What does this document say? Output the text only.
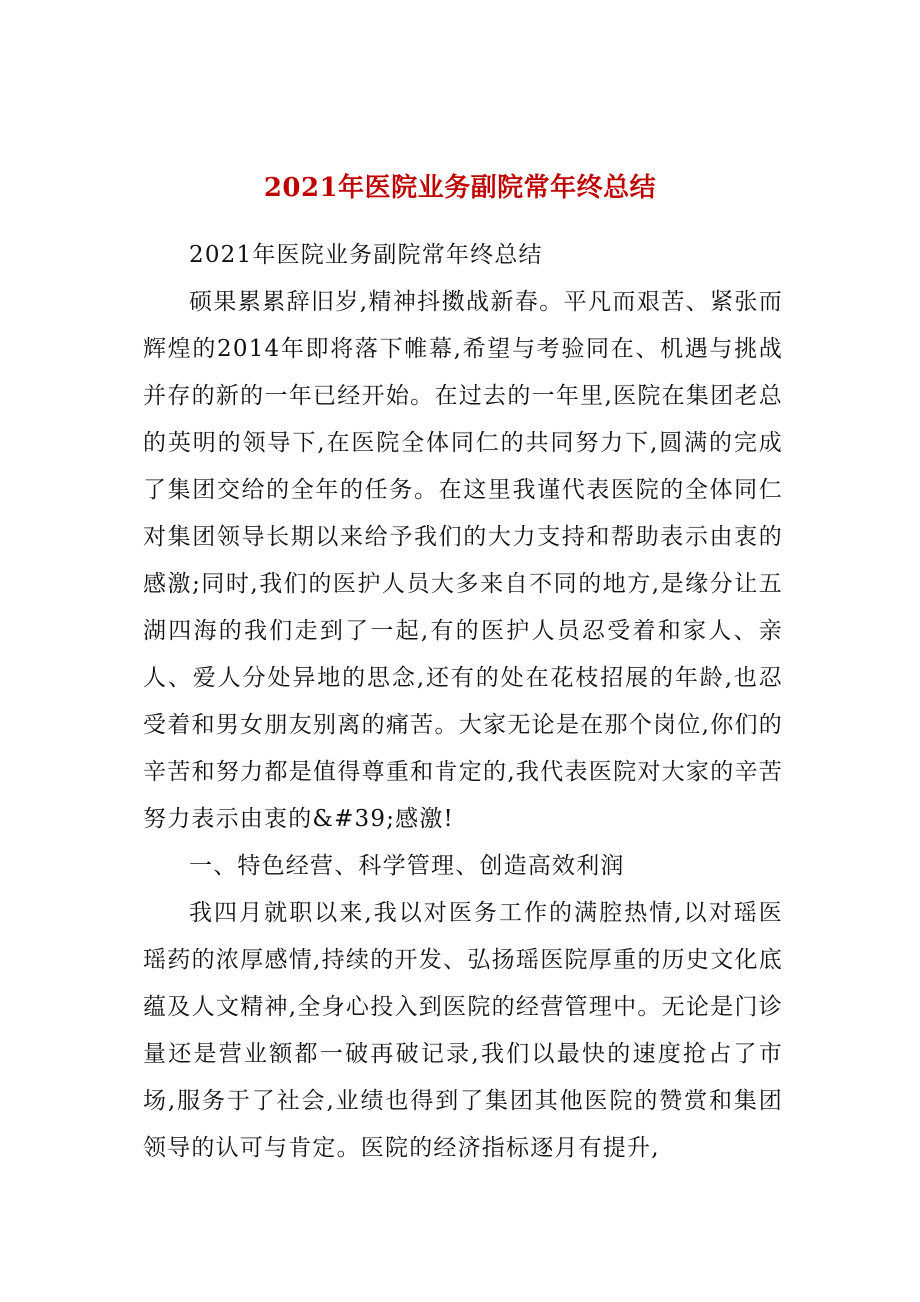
2021年医院业务副院常年终总结

2021年医院业务副院常年终总结

硕果累累辞旧岁,精神抖擞战新春。平凡而艰苦、紧张而辉煌的2014年即将落下帷幕,希望与考验同在、机遇与挑战并存的新的一年已经开始。在过去的一年里,医院在集团老总的英明的领导下,在医院全体同仁的共同努力下,圆满的完成了集团交给的全年的任务。在这里我谨代表医院的全体同仁对集团领导长期以来给予我们的大力支持和帮助表示由衷的感激;同时,我们的医护人员大多来自不同的地方,是缘分让五湖四海的我们走到了一起,有的医护人员忍受着和家人、亲人、爱人分处异地的思念,还有的处在花枝招展的年龄,也忍受着和男女朋友别离的痛苦。大家无论是在那个岗位,你们的辛苦和努力都是值得尊重和肯定的,我代表医院对大家的辛苦努力表示由衷的&#39;感激!

一、特色经营、科学管理、创造高效利润

我四月就职以来,我以对医务工作的满腔热情,以对瑶医瑶药的浓厚感情,持续的开发、弘扬瑶医院厚重的历史文化底蕴及人文精神,全身心投入到医院的经营管理中。无论是门诊量还是营业额都一破再破记录,我们以最快的速度抢占了市场,服务于了社会,业绩也得到了集团其他医院的赞赏和集团领导的认可与肯定。医院的经济指标逐月有提升,
